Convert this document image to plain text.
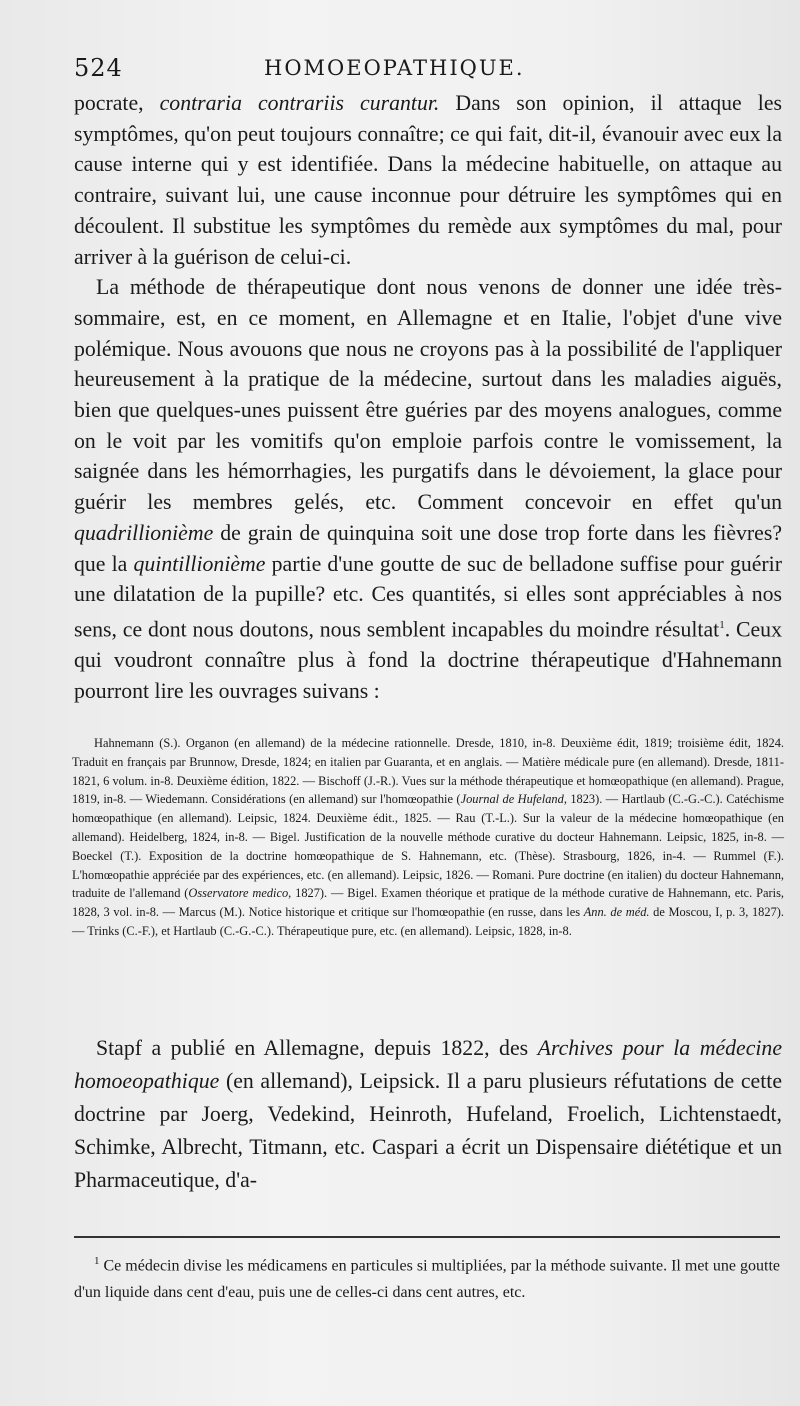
524	HOMOEOPATHIQUE.

pocrate, contraria contrariis curantur. Dans son opinion, il attaque les symptômes, qu'on peut toujours connaître; ce qui fait, dit-il, évanouir avec eux la cause interne qui y est identifiée. Dans la médecine habituelle, on attaque au contraire, suivant lui, une cause inconnue pour détruire les symptômes qui en découlent. Il substitue les symptômes du remède aux symptômes du mal, pour arriver à la guérison de celui-ci.

La méthode de thérapeutique dont nous venons de donner une idée très-sommaire, est, en ce moment, en Allemagne et en Italie, l'objet d'une vive polémique. Nous avouons que nous ne croyons pas à la possibilité de l'appliquer heureusement à la pratique de la médecine, surtout dans les maladies aiguës, bien que quelques-unes puissent être guéries par des moyens analogues, comme on le voit par les vomitifs qu'on emploie parfois contre le vomissement, la saignée dans les hémorrhagies, les purgatifs dans le dévoiement, la glace pour guérir les membres gelés, etc. Comment concevoir en effet qu'un quadrillionième de grain de quinquina soit une dose trop forte dans les fièvres? que la quintillionième partie d'une goutte de suc de belladone suffise pour guérir une dilatation de la pupille? etc. Ces quantités, si elles sont appréciables à nos sens, ce dont nous doutons, nous semblent incapables du moindre résultat$^1$. Ceux qui voudront connaître plus à fond la doctrine thérapeutique d'Hahnemann pourront lire les ouvrages suivans :

Hahnemann (S.). Organon (en allemand) de la médecine rationnelle. Dresde, 1810, in-8. Deuxième édit, 1819; troisième édit, 1824. Traduit en français par Brunnow, Dresde, 1824; en italien par Guaranta, et en anglais. — Matière médicale pure (en allemand). Dresde, 1811-1821, 6 volum. in-8. Deuxième édition, 1822. — Bischoff (J.-R.). Vues sur la méthode thérapeutique et homœopathique (en allemand). Prague, 1819, in-8. — Wiedemann. Considérations (en allemand) sur l'homœopathie (Journal de Hufeland, 1823). — Hartlaub (C.-G.-C.). Catéchisme homœopathique (en allemand). Leipsic, 1824. Deuxième édit., 1825. — Rau (T.-L.). Sur la valeur de la médecine homœopathique (en allemand). Heidelberg, 1824, in-8. — Bigel. Justification de la nouvelle méthode curative du docteur Hahnemann. Leipsic, 1825, in-8. — Boeckel (T.). Exposition de la doctrine homœopathique de S. Hahnemann, etc. (Thèse). Strasbourg, 1826, in-4. — Rummel (F.). L'homœopathie appréciée par des expériences, etc. (en allemand). Leipsic, 1826. — Romani. Pure doctrine (en italien) du docteur Hahnemann, traduite de l'allemand (Osservatore medico, 1827). — Bigel. Examen théorique et pratique de la méthode curative de Hahnemann, etc. Paris, 1828, 3 vol. in-8. — Marcus (M.). Notice historique et critique sur l'homœopathie (en russe, dans les Ann. de méd. de Moscou, I, p. 3, 1827). — Trinks (C.-F.), et Hartlaub (C.-G.-C.). Thérapeutique pure, etc. (en allemand). Leipsic, 1828, in-8.

Stapf a publié en Allemagne, depuis 1822, des Archives pour la médecine homoeopathique (en allemand), Leipsick. Il a paru plusieurs réfutations de cette doctrine par Joerg, Vedekind, Heinroth, Hufeland, Froelich, Lichtenstaedt, Schimke, Albrecht, Titmann, etc. Caspari a écrit un Dispensaire diététique et un Pharmaceutique, d'a-

$^1$ Ce médecin divise les médicamens en particules si multipliées, par la méthode suivante. Il met une goutte d'un liquide dans cent d'eau, puis une de celles-ci dans cent autres, etc.
